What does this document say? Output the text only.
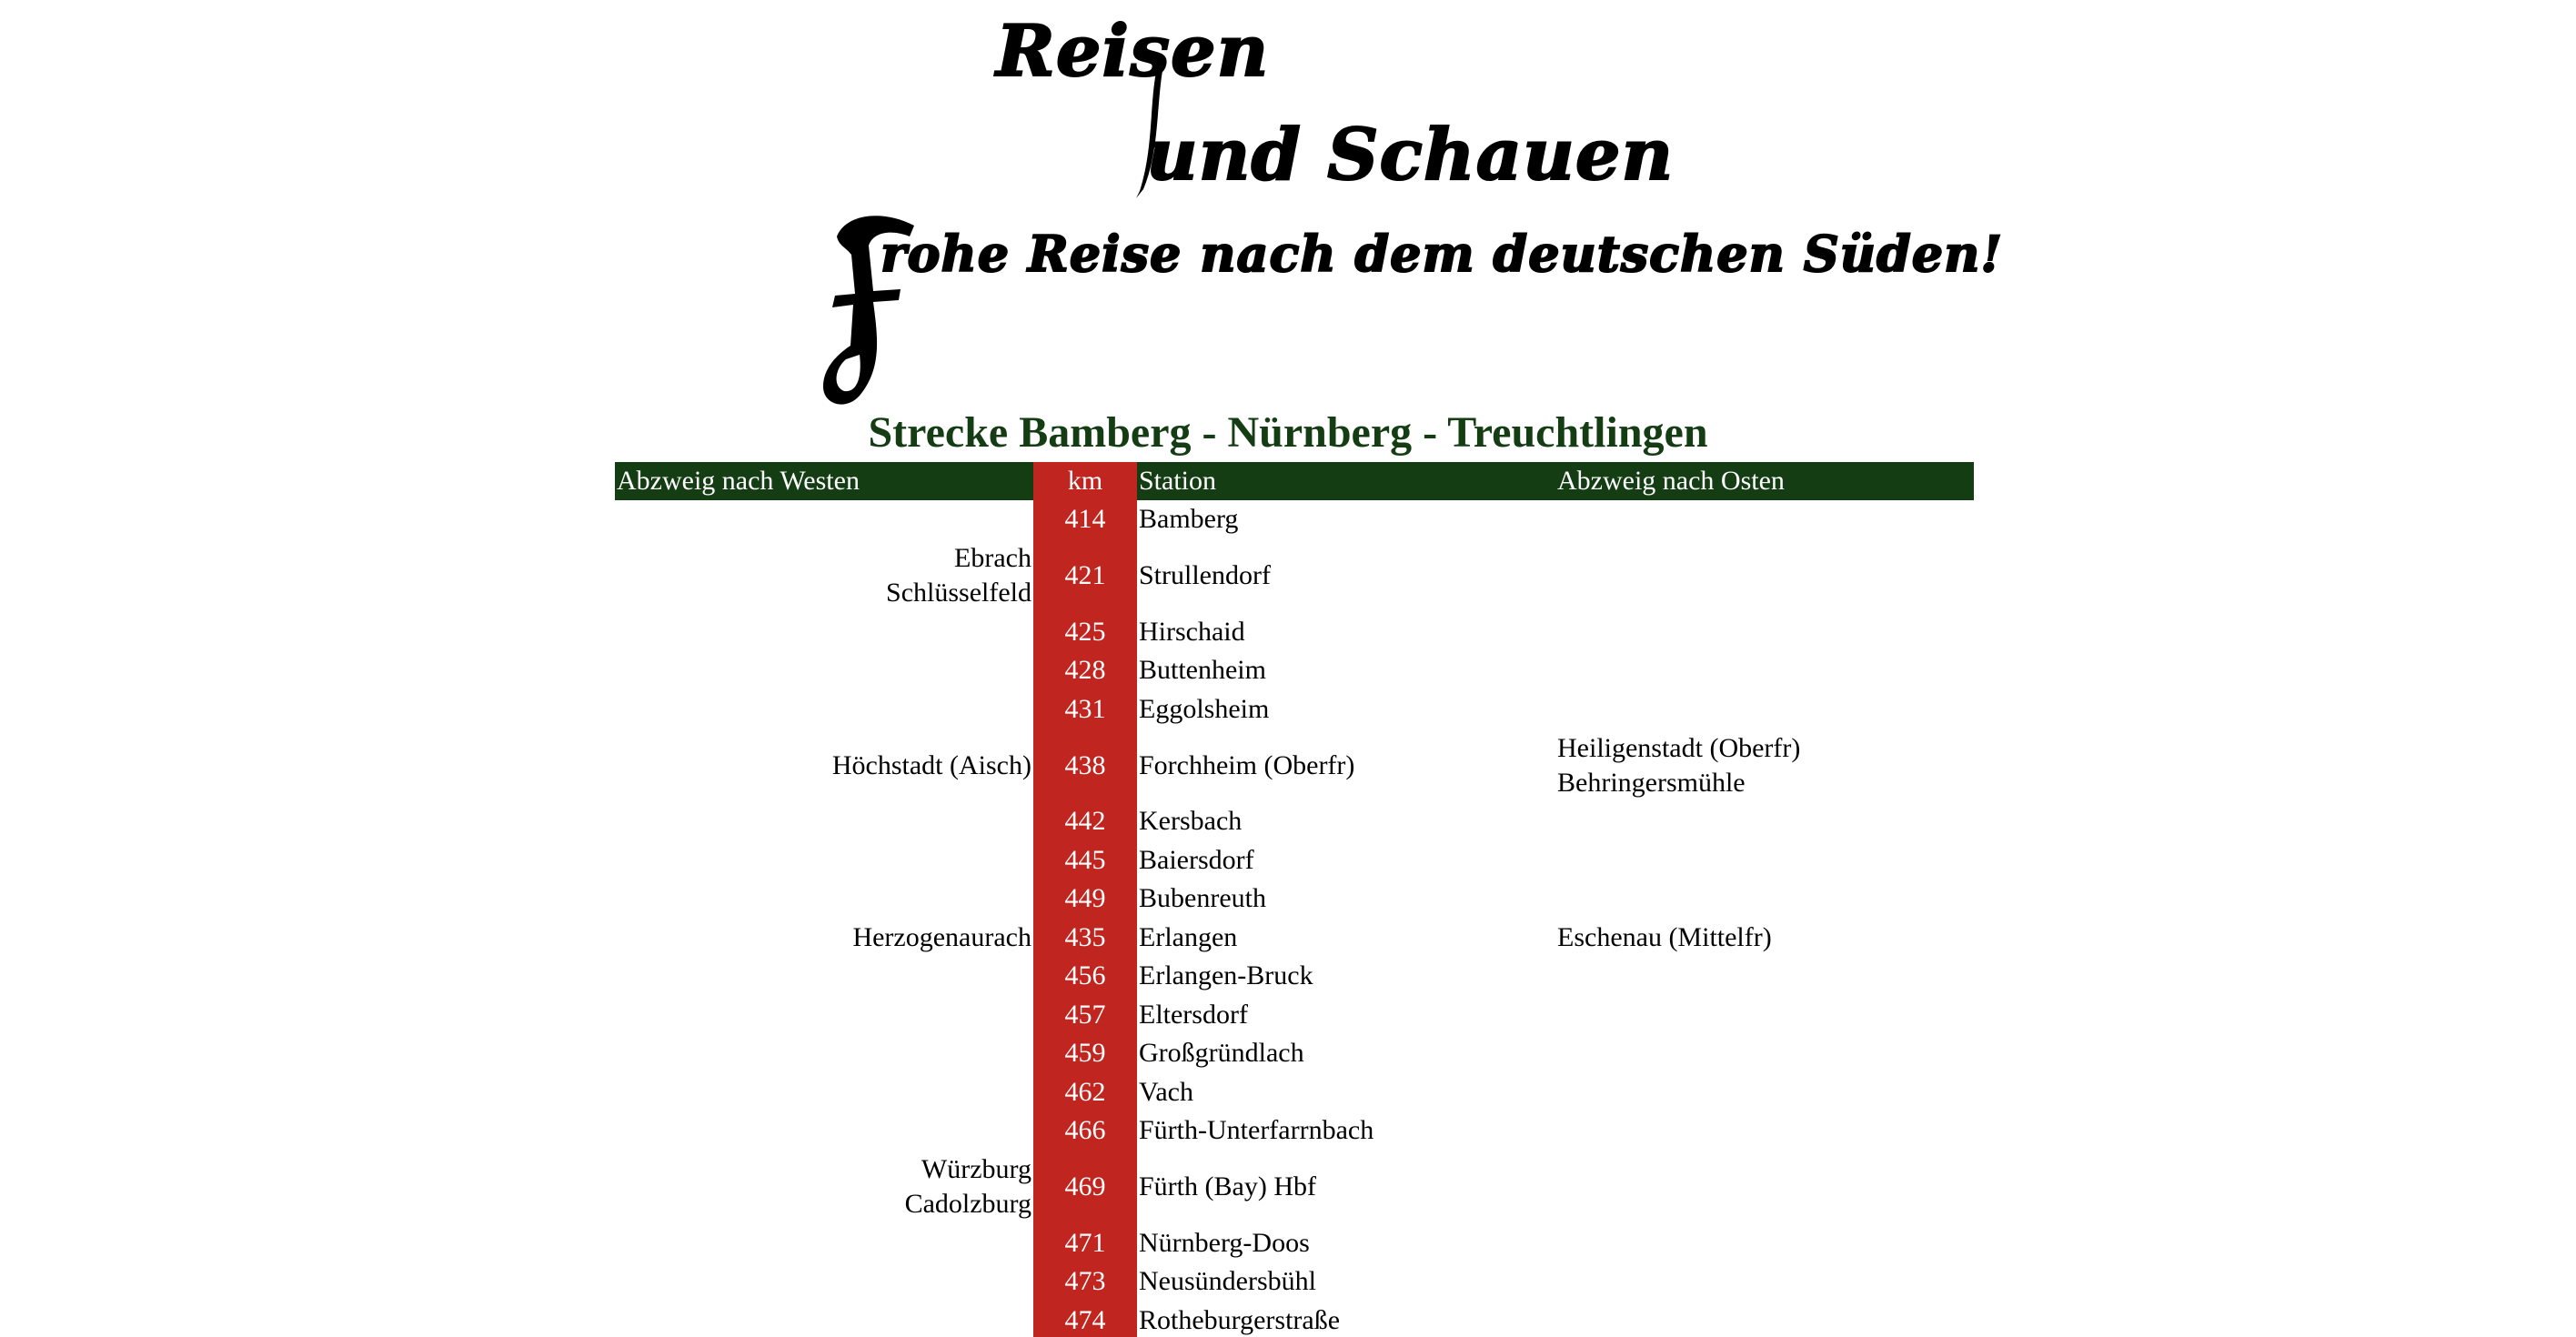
Reisen
und Schauen
F rohe Reise nach dem deutschen Süden!
Strecke Bamberg - Nürnberg - Treuchtlingen
Abzweig nach Westen	km	Station	Abzweig nach Osten
	414	Bamberg	
Ebrach
Schlüsselfeld	421	Strullendorf	
	425	Hirschaid	
	428	Buttenheim	
	431	Eggolsheim	
Höchstadt (Aisch)	438	Forchheim (Oberfr)	Heiligenstadt (Oberfr)
Behringersmühle
	442	Kersbach	
	445	Baiersdorf	
	449	Bubenreuth	
Herzogenaurach	435	Erlangen	Eschenau (Mittelfr)
	456	Erlangen-Bruck	
	457	Eltersdorf	
	459	Großgründlach	
	462	Vach	
	466	Fürth-Unterfarrnbach	
Würzburg
Cadolzburg	469	Fürth (Bay) Hbf	
	471	Nürnberg-Doos	
	473	Neusündersbühl	
	474	Rotheburgerstraße	
